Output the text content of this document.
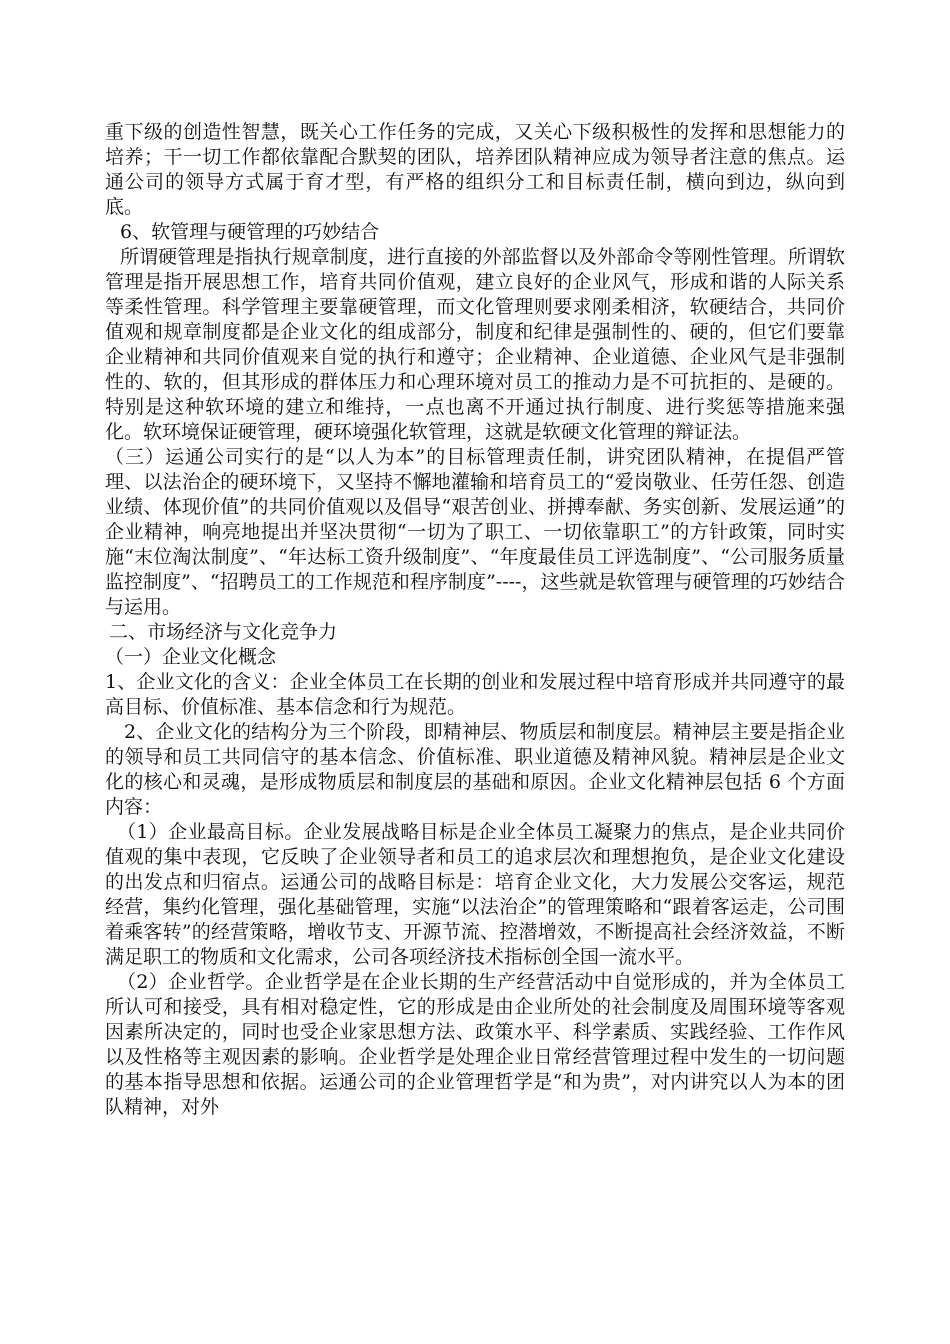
重下级的创造性智慧，既关心工作任务的完成，又关心下级积极性的发挥和思想能力的培养；干一切工作都依靠配合默契的团队，培养团队精神应成为领导者注意的焦点。运通公司的领导方式属于育才型，有严格的组织分工和目标责任制，横向到边，纵向到底。

6、软管理与硬管理的巧妙结合

所谓硬管理是指执行规章制度，进行直接的外部监督以及外部命令等刚性管理。所谓软管理是指开展思想工作，培育共同价值观，建立良好的企业风气，形成和谐的人际关系等柔性管理。科学管理主要靠硬管理，而文化管理则要求刚柔相济，软硬结合，共同价值观和规章制度都是企业文化的组成部分，制度和纪律是强制性的、硬的，但它们要靠企业精神和共同价值观来自觉的执行和遵守；企业精神、企业道德、企业风气是非强制性的、软的，但其形成的群体压力和心理环境对员工的推动力是不可抗拒的、是硬的。特别是这种软环境的建立和维持，一点也离不开通过执行制度、进行奖惩等措施来强化。软环境保证硬管理，硬环境强化软管理，这就是软硬文化管理的辩证法。

（三）运通公司实行的是“以人为本”的目标管理责任制，讲究团队精神，在提倡严管理、以法治企的硬环境下，又坚持不懈地灌输和培育员工的“爱岗敬业、任劳任怨、创造业绩、体现价值”的共同价值观以及倡导“艰苦创业、拼搏奉献、务实创新、发展运通”的企业精神，响亮地提出并坚决贯彻“一切为了职工、一切依靠职工”的方针政策，同时实施“末位淘汰制度”、“年达标工资升级制度”、“年度最佳员工评选制度”、“公司服务质量监控制度”、“招聘员工的工作规范和程序制度”----，这些就是软管理与硬管理的巧妙结合与运用。

二、市场经济与文化竞争力

（一）企业文化概念

1、企业文化的含义：企业全体员工在长期的创业和发展过程中培育形成并共同遵守的最高目标、价值标准、基本信念和行为规范。

2、企业文化的结构分为三个阶段，即精神层、物质层和制度层。精神层主要是指企业的领导和员工共同信守的基本信念、价值标准、职业道德及精神风貌。精神层是企业文化的核心和灵魂，是形成物质层和制度层的基础和原因。企业文化精神层包括 6 个方面内容：

（1）企业最高目标。企业发展战略目标是企业全体员工凝聚力的焦点，是企业共同价值观的集中表现，它反映了企业领导者和员工的追求层次和理想抱负，是企业文化建设的出发点和归宿点。运通公司的战略目标是：培育企业文化，大力发展公交客运，规范经营，集约化管理，强化基础管理，实施“以法治企”的管理策略和“跟着客运走，公司围着乘客转”的经营策略，增收节支、开源节流、控潜增效，不断提高社会经济效益，不断满足职工的物质和文化需求，公司各项经济技术指标创全国一流水平。

（2）企业哲学。企业哲学是在企业长期的生产经营活动中自觉形成的，并为全体员工所认可和接受，具有相对稳定性，它的形成是由企业所处的社会制度及周围环境等客观因素所决定的，同时也受企业家思想方法、政策水平、科学素质、实践经验、工作作风以及性格等主观因素的影响。企业哲学是处理企业日常经营管理过程中发生的一切问题的基本指导思想和依据。运通公司的企业管理哲学是“和为贵”，对内讲究以人为本的团队精神，对外
